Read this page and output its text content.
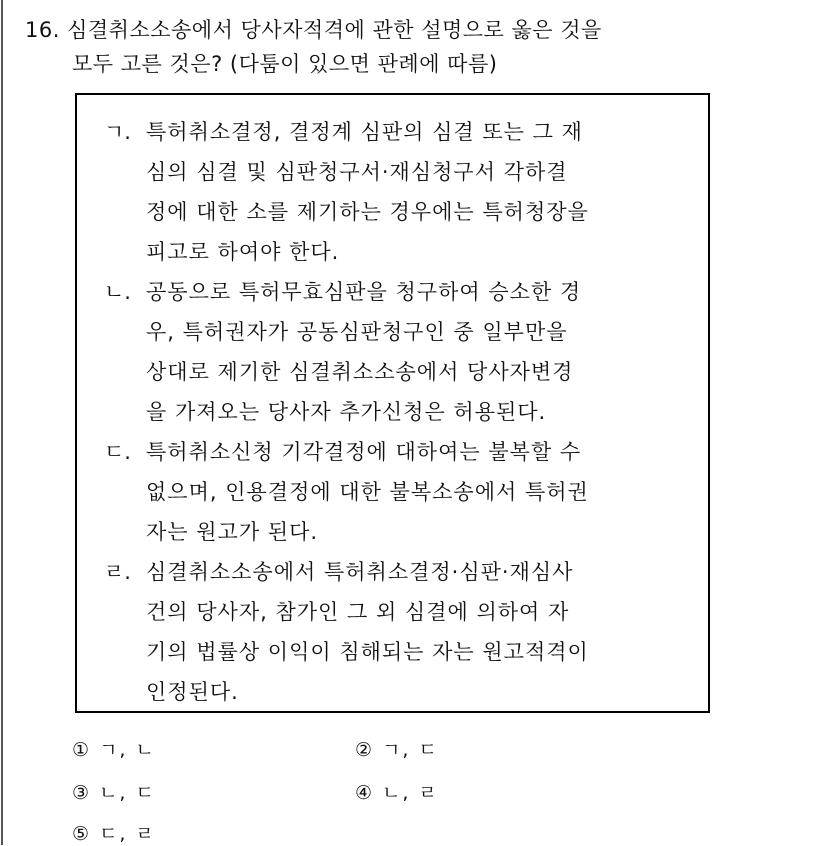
16. 심결취소소송에서 당사자적격에 관한 설명으로 옳은 것을
모두 고른 것은? (다툼이 있으면 판례에 따름)
ㄱ. 특허취소결정, 결정계 심판의 심결 또는 그 재
심의 심결 및 심판청구서·재심청구서 각하결
정에 대한 소를 제기하는 경우에는 특허청장을
피고로 하여야 한다.
ㄴ. 공동으로 특허무효심판을 청구하여 승소한 경
우, 특허권자가 공동심판청구인 중 일부만을
상대로 제기한 심결취소소송에서 당사자변경
을 가져오는 당사자 추가신청은 허용된다.
ㄷ. 특허취소신청 기각결정에 대하여는 불복할 수
없으며, 인용결정에 대한 불복소송에서 특허권
자는 원고가 된다.
ㄹ. 심결취소소송에서 특허취소결정·심판·재심사
건의 당사자, 참가인 그 외 심결에 의하여 자
기의 법률상 이익이 침해되는 자는 원고적격이
인정된다.
① ㄱ, ㄴ	② ㄱ, ㄷ
③ ㄴ, ㄷ	④ ㄴ, ㄹ
⑤ ㄷ, ㄹ
